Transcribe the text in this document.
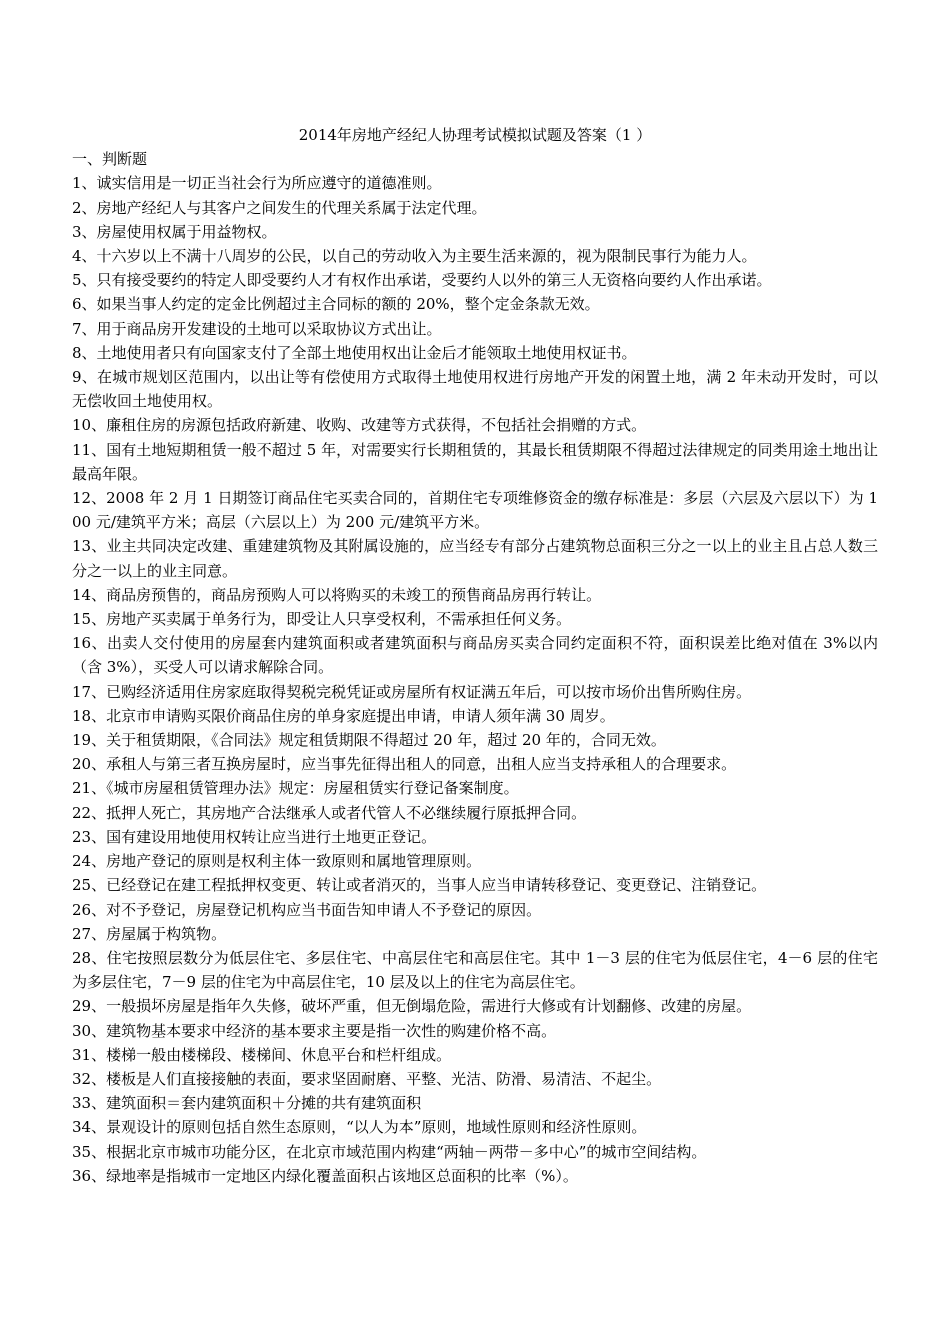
2014年房地产经纪人协理考试模拟试题及答案（1 ）
一、判断题

1、诚实信用是一切正当社会行为所应遵守的道德准则。

2、房地产经纪人与其客户之间发生的代理关系属于法定代理。

3、房屋使用权属于用益物权。

4、十六岁以上不满十八周岁的公民，以自己的劳动收入为主要生活来源的，视为限制民事行为能力人。

5、只有接受要约的特定人即受要约人才有权作出承诺，受要约人以外的第三人无资格向要约人作出承诺。

6、如果当事人约定的定金比例超过主合同标的额的 20%，整个定金条款无效。

7、用于商品房开发建设的土地可以采取协议方式出让。

8、土地使用者只有向国家支付了全部土地使用权出让金后才能领取土地使用权证书。

9、在城市规划区范围内，以出让等有偿使用方式取得土地使用权进行房地产开发的闲置土地，满 2 年未动开发时，可以无偿收回土地使用权。

10、廉租住房的房源包括政府新建、收购、改建等方式获得，不包括社会捐赠的方式。

11、国有土地短期租赁一般不超过 5 年，对需要实行长期租赁的，其最长租赁期限不得超过法律规定的同类用途土地出让最高年限。

12、2008 年 2 月 1 日期签订商品住宅买卖合同的，首期住宅专项维修资金的缴存标准是：多层（六层及六层以下）为 100 元/建筑平方米；高层（六层以上）为 200 元/建筑平方米。

13、业主共同决定改建、重建建筑物及其附属设施的，应当经专有部分占建筑物总面积三分之一以上的业主且占总人数三分之一以上的业主同意。

14、商品房预售的，商品房预购人可以将购买的未竣工的预售商品房再行转让。

15、房地产买卖属于单务行为，即受让人只享受权利，不需承担任何义务。

16、出卖人交付使用的房屋套内建筑面积或者建筑面积与商品房买卖合同约定面积不符，面积误差比绝对值在 3%以内（含 3%），买受人可以请求解除合同。

17、已购经济适用住房家庭取得契税完税凭证或房屋所有权证满五年后，可以按市场价出售所购住房。

18、北京市申请购买限价商品住房的单身家庭提出申请，申请人须年满 30 周岁。

19、关于租赁期限，《合同法》规定租赁期限不得超过 20 年，超过 20 年的，合同无效。

20、承租人与第三者互换房屋时，应当事先征得出租人的同意，出租人应当支持承租人的合理要求。

21、《城市房屋租赁管理办法》规定：房屋租赁实行登记备案制度。

22、抵押人死亡，其房地产合法继承人或者代管人不必继续履行原抵押合同。

23、国有建设用地使用权转让应当进行土地更正登记。

24、房地产登记的原则是权利主体一致原则和属地管理原则。

25、已经登记在建工程抵押权变更、转让或者消灭的，当事人应当申请转移登记、变更登记、注销登记。

26、对不予登记，房屋登记机构应当书面告知申请人不予登记的原因。

27、房屋属于构筑物。

28、住宅按照层数分为低层住宅、多层住宅、中高层住宅和高层住宅。其中 1－3 层的住宅为低层住宅，4－6 层的住宅为多层住宅，7－9 层的住宅为中高层住宅，10 层及以上的住宅为高层住宅。

29、一般损坏房屋是指年久失修，破坏严重，但无倒塌危险，需进行大修或有计划翻修、改建的房屋。

30、建筑物基本要求中经济的基本要求主要是指一次性的购建价格不高。

31、楼梯一般由楼梯段、楼梯间、休息平台和栏杆组成。

32、楼板是人们直接接触的表面，要求坚固耐磨、平整、光洁、防滑、易清洁、不起尘。

33、建筑面积＝套内建筑面积＋分摊的共有建筑面积

34、景观设计的原则包括自然生态原则，“以人为本”原则，地域性原则和经济性原则。

35、根据北京市城市功能分区，在北京市域范围内构建“两轴－两带－多中心”的城市空间结构。

36、绿地率是指城市一定地区内绿化覆盖面积占该地区总面积的比率（%）。
